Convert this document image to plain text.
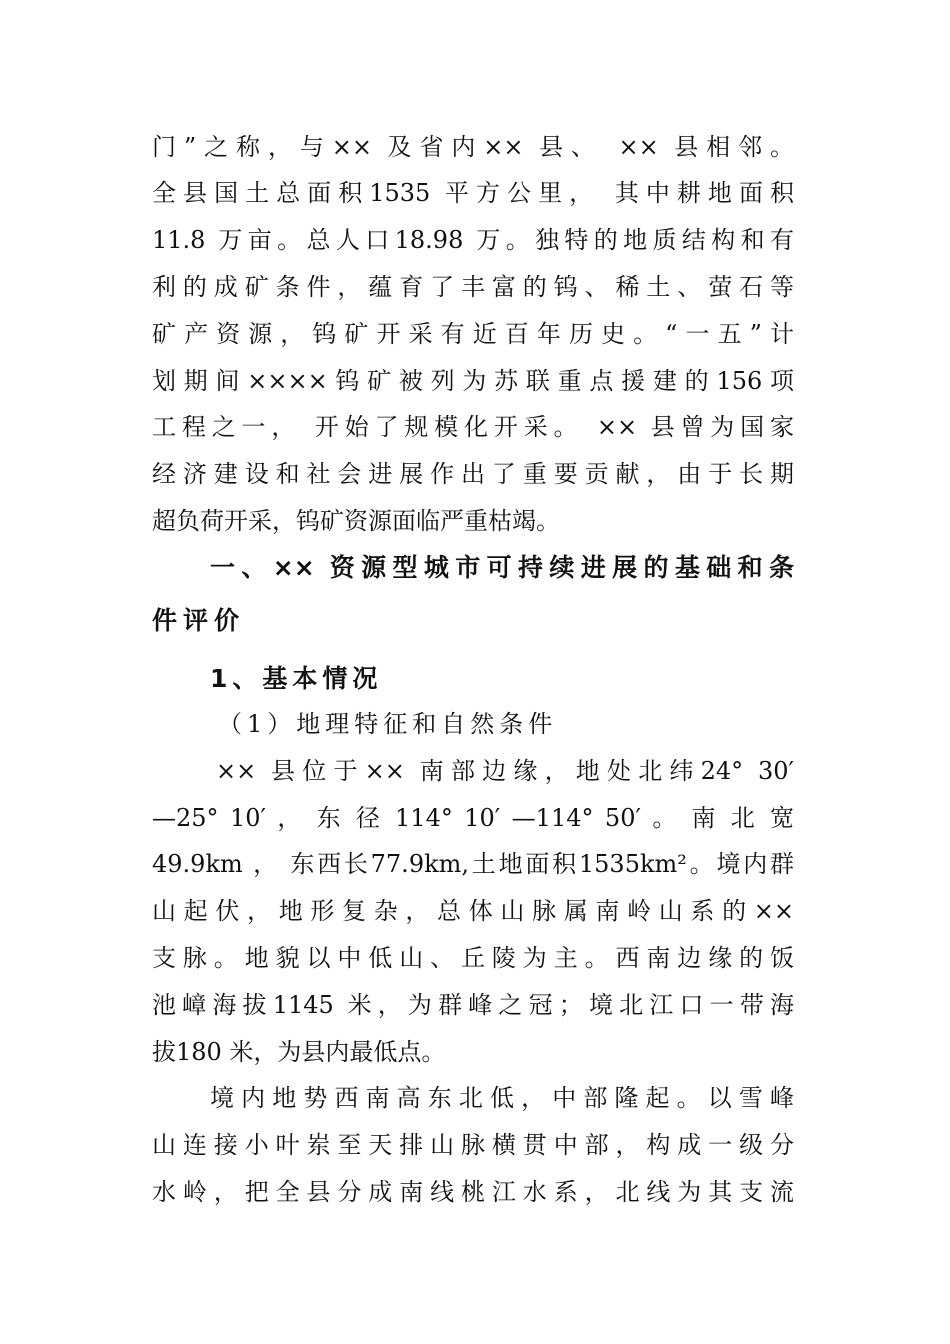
门”之称，与×× 及省内×× 县、 ×× 县相邻。
全县国土总面积1535 平方公里， 其中耕地面积
11.8 万亩。总人口18.98 万。独特的地质结构和有
利的成矿条件，蕴育了丰富的钨、稀土、萤石等
矿产资源，钨矿开采有近百年历史。“一五”计
划期间××××钨矿被列为苏联重点援建的156项
工程之一， 开始了规模化开采。 ×× 县曾为国家
经济建设和社会进展作出了重要贡献，由于长期
超负荷开采，钨矿资源面临严重枯竭。
一、×× 资源型城市可持续进展的基础和条
件评价
1、基本情况
（1）地理特征和自然条件
×× 县位于×× 南部边缘，地处北纬24° 30′
—25° 10′ ， 东 径 114° 10′ —114° 50′ 。 南 北 宽
49.9km ， 东西长77.9km,土地面积1535km²。境内群
山起伏，地形复杂，总体山脉属南岭山系的××
支脉。地貌以中低山、丘陵为主。西南边缘的饭
池嶂海拔1145 米，为群峰之冠；境北江口一带海
拔180 米，为县内最低点。
境内地势西南高东北低，中部隆起。以雪峰
山连接小叶岽至天排山脉横贯中部，构成一级分
水岭，把全县分成南线桃江水系，北线为其支流
